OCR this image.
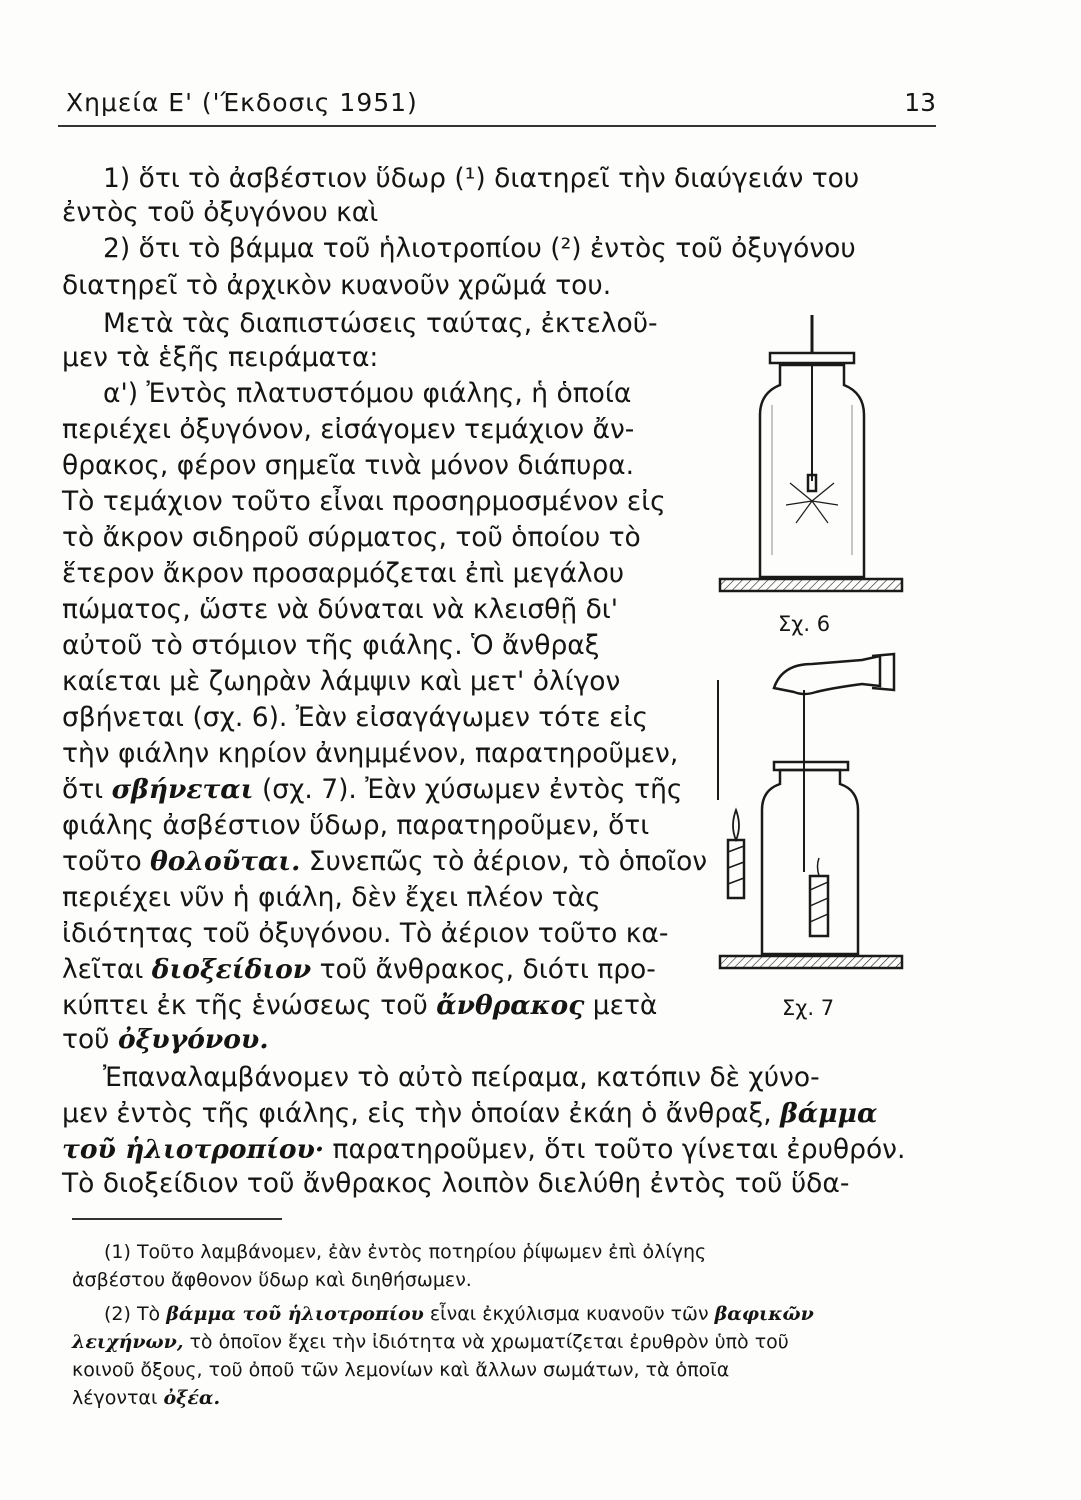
Χημεία Ε' ('Έκδοσις 1951)	13
1) ὅτι τὸ ἀσβέστιον ὕδωρ (¹) διατηρεῖ τὴν διαύγειάν του
ἐντὸς τοῦ ὀξυγόνου καὶ
2) ὅτι τὸ βάμμα τοῦ ἡλιοτροπίου (²) ἐντὸς τοῦ ὀξυγόνου
διατηρεῖ τὸ ἀρχικὸν κυανοῦν χρῶμά του.
Μετὰ τὰς διαπιστώσεις ταύτας, ἐκτελοῦ-
μεν τὰ ἑξῆς πειράματα:
α') Ἐντὸς πλατυστόμου φιάλης, ἡ ὁποία
περιέχει ὀξυγόνον, εἰσάγομεν τεμάχιον ἄν-
θρακος, φέρον σημεῖα τινὰ μόνον διάπυρα.
Τὸ τεμάχιον τοῦτο εἶναι προσηρμοσμένον εἰς
τὸ ἄκρον σιδηροῦ σύρματος, τοῦ ὁποίου τὸ
ἕτερον ἄκρον προσαρμόζεται ἐπὶ μεγάλου
πώματος, ὥστε νὰ δύναται νὰ κλεισθῇ δι'
αὐτοῦ τὸ στόμιον τῆς φιάλης. Ὁ ἄνθραξ
καίεται μὲ ζωηρὰν λάμψιν καὶ μετ' ὀλίγον
σβήνεται (σχ. 6). Ἐὰν εἰσαγάγωμεν τότε εἰς
τὴν φιάλην κηρίον ἀνημμένον, παρατηροῦμεν,
ὅτι σβήνεται (σχ. 7). Ἐὰν χύσωμεν ἐντὸς τῆς
φιάλης ἀσβέστιον ὕδωρ, παρατηροῦμεν, ὅτι
τοῦτο θολοῦται. Συνεπῶς τὸ ἀέριον, τὸ ὁποῖον
περιέχει νῦν ἡ φιάλη, δὲν ἔχει πλέον τὰς
ἰδιότητας τοῦ ὀξυγόνου. Τὸ ἀέριον τοῦτο κα-
λεῖται διοξείδιον τοῦ ἄνθρακος, διότι προ-
κύπτει ἐκ τῆς ἑνώσεως τοῦ ἄνθρακος μετὰ
τοῦ ὀξυγόνου.
Ἐπαναλαμβάνομεν τὸ αὐτὸ πείραμα, κατόπιν δὲ χύνο-
μεν ἐντὸς τῆς φιάλης, εἰς τὴν ὁποίαν ἐκάη ὁ ἄνθραξ, βάμμα
τοῦ ἡλιοτροπίου· παρατηροῦμεν, ὅτι τοῦτο γίνεται ἐρυθρόν.
Τὸ διοξείδιον τοῦ ἄνθρακος λοιπὸν διελύθη ἐντὸς τοῦ ὕδα-
Σχ. 6
Σχ. 7
(1) Τοῦτο λαμβάνομεν, ἐὰν ἐντὸς ποτηρίου ῥίψωμεν ἐπὶ ὀλίγης
ἀσβέστου ἄφθονον ὕδωρ καὶ διηθήσωμεν.
(2) Τὸ βάμμα τοῦ ἡλιοτροπίου εἶναι ἐκχύλισμα κυανοῦν τῶν βαφικῶν
λειχήνων, τὸ ὁποῖον ἔχει τὴν ἰδιότητα νὰ χρωματίζεται ἐρυθρὸν ὑπὸ τοῦ
κοινοῦ ὄξους, τοῦ ὀποῦ τῶν λεμονίων καὶ ἄλλων σωμάτων, τὰ ὁποῖα
λέγονται ὀξέα.
